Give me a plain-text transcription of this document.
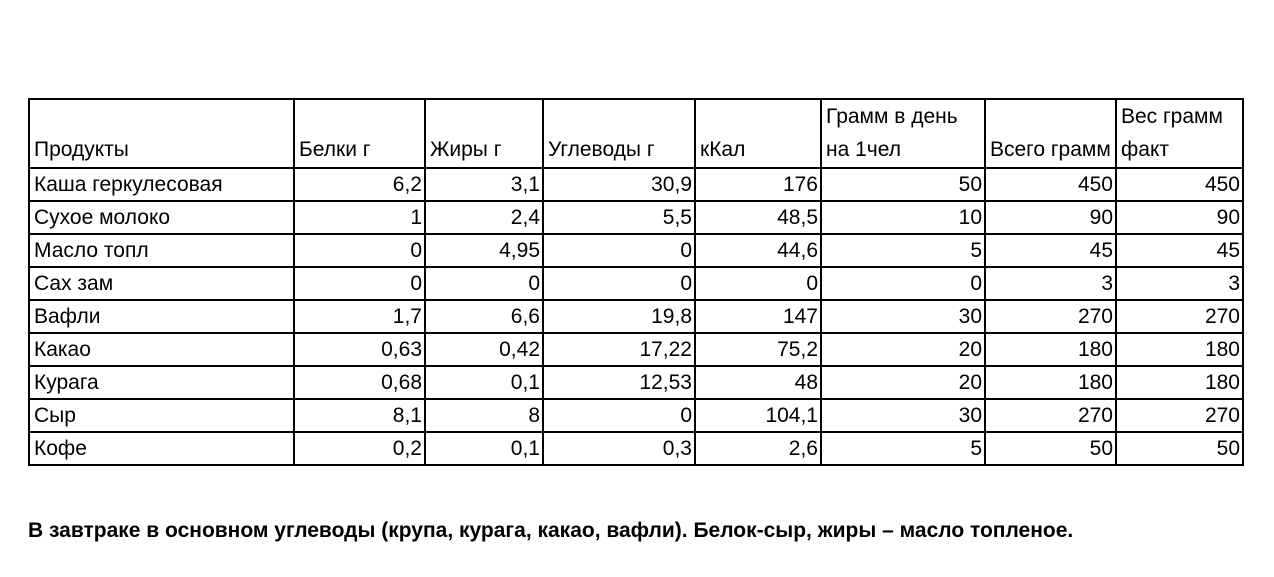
Продукты	Белки г	Жиры г	Углеводы г	кКал	Грамм в день на 1чел	Всего грамм	Вес грамм факт
Каша геркулесовая	6,2	3,1	30,9	176	50	450	450
Сухое молоко	1	2,4	5,5	48,5	10	90	90
Масло топл	0	4,95	0	44,6	5	45	45
Сах зам	0	0	0	0	0	3	3
Вафли	1,7	6,6	19,8	147	30	270	270
Какао	0,63	0,42	17,22	75,2	20	180	180
Курага	0,68	0,1	12,53	48	20	180	180
Сыр	8,1	8	0	104,1	30	270	270
Кофе	0,2	0,1	0,3	2,6	5	50	50
В завтраке в основном углеводы (крупа, курага, какао, вафли). Белок-сыр, жиры – масло топленое.
